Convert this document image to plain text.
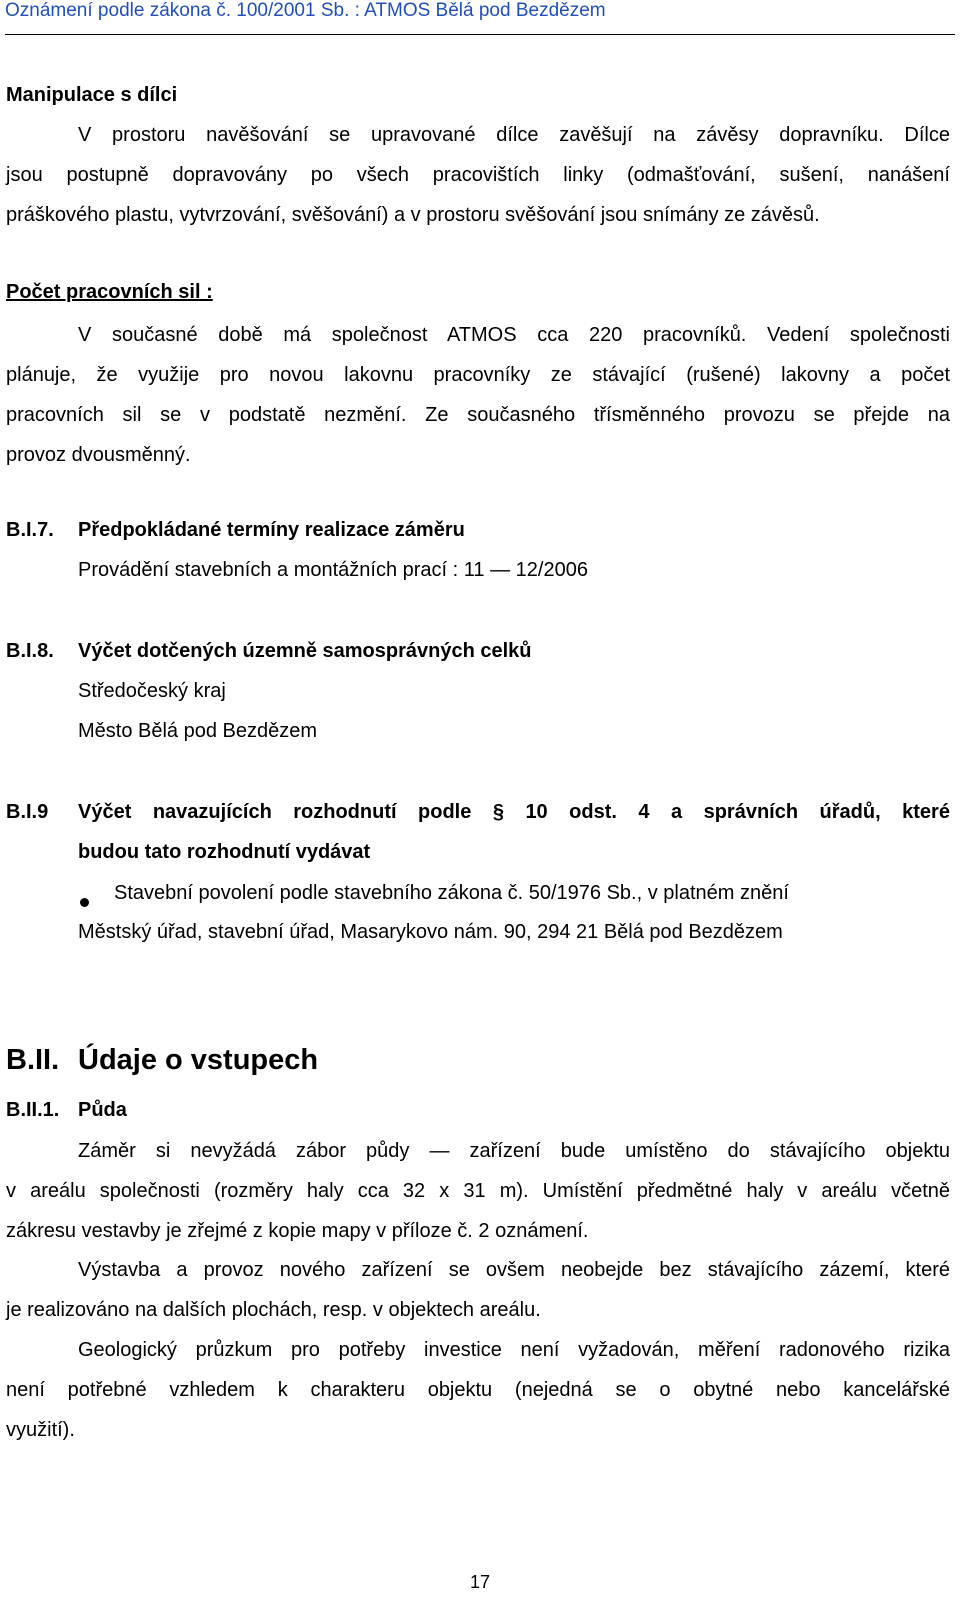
Oznámení podle zákona č. 100/2001 Sb. : ATMOS Bělá pod Bezdězem
Manipulace s dílci
V prostoru navěšování se upravované dílce zavěšují na závěsy dopravníku. Dílce
jsou postupně dopravovány po všech pracovištích linky (odmašťování, sušení, nanášení
práškového plastu, vytvrzování, svěšování) a v prostoru svěšování jsou snímány ze závěsů.
Počet pracovních sil :
V současné době má společnost ATMOS cca 220 pracovníků. Vedení společnosti
plánuje, že využije pro novou lakovnu pracovníky ze stávající (rušené) lakovny a počet
pracovních sil se v podstatě nezmění. Ze současného třísměnného provozu se přejde na
provoz dvousměnný.
B.I.7. Předpokládané termíny realizace záměru
Provádění stavebních a montážních prací : 11 — 12/2006
B.I.8. Výčet dotčených územně samosprávných celků
Středočeský kraj
Město Bělá pod Bezdězem
B.I.9 Výčet navazujících rozhodnutí podle § 10 odst. 4 a správních úřadů, které
budou tato rozhodnutí vydávat
Stavební povolení podle stavebního zákona č. 50/1976 Sb., v platném znění
Městský úřad, stavební úřad, Masarykovo nám. 90, 294 21 Bělá pod Bezdězem
B.II. Údaje o vstupech
B.II.1. Půda
Záměr si nevyžádá zábor půdy — zařízení bude umístěno do stávajícího objektu
v areálu společnosti (rozměry haly cca 32 x 31 m). Umístění předmětné haly v areálu včetně
zákresu vestavby je zřejmé z kopie mapy v příloze č. 2 oznámení.
Výstavba a provoz nového zařízení se ovšem neobejde bez stávajícího zázemí, které
je realizováno na dalších plochách, resp. v objektech areálu.
Geologický průzkum pro potřeby investice není vyžadován, měření radonového rizika
není potřebné vzhledem k charakteru objektu (nejedná se o obytné nebo kancelářské
využití).
17
